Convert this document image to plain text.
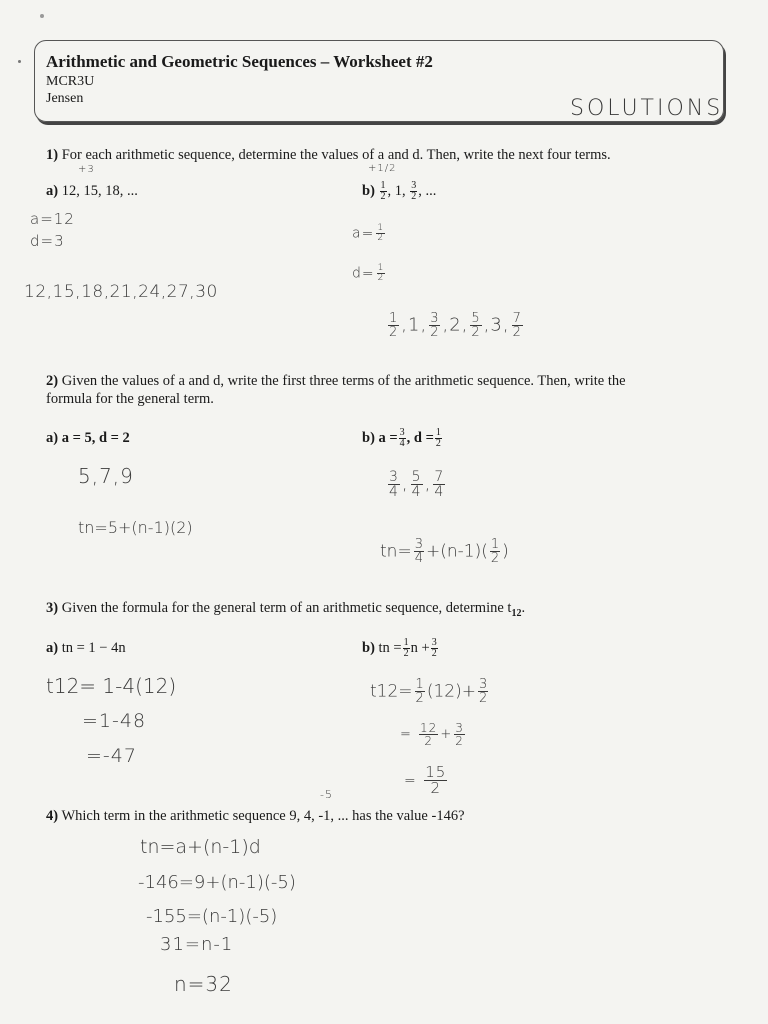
Arithmetic and Geometric Sequences – Worksheet #2
MCR3U
Jensen	SOLUTIONS
1) For each arithmetic sequence, determine the values of a and d. Then, write the next four terms.
+3
a) 12, 15, 18, ...
a=12
d=3
12,15,18,21,24,27,30
+1/2
$b) \frac{1}{2}$ , 1, $\frac{3}{2}$ , ...
$a= \frac{1}{2}$
$d= \frac{1}{2}$
$\frac{1}{2} ,1$, $\frac{3}{2} ,2$, $\frac{5}{2} ,3$, $\frac{7}{2}$
2) Given the values of a and d, write the first three terms of the arithmetic sequence. Then, write the
formula for the general term.
a) a = 5, d = 2
5,7,9
tn=5+(n-1)(2)
b) $a = \frac{3}{4}$ , $d = \frac{1}{2}$
$\frac{3}{4}$ , $\frac{5}{4}$ , $\frac{7}{4}$
$tn= \frac{3}{4} +(n-1)( \frac{1}{2}$ )
3) Given the formula for the general term of an arithmetic sequence, determine $t_{12}$.
a) tn = 1 − 4n
t12= 1-4(12)
=1-48
=-47
b) tn = $\frac{1}{2}$ $n + \frac{3}{2}$
$t12= \frac{1}{2} (12)+ \frac{3}{2}$
= $\frac{12}{2} + \frac{3}{2}$
= $\frac{15}{2}$
-5
4) Which term in the arithmetic sequence 9, 4, -1, ... has the value -146?
tn=a+(n-1)d
-146=9+(n-1)(-5)
-155=(n-1)(-5)
31=n-1
n=32
